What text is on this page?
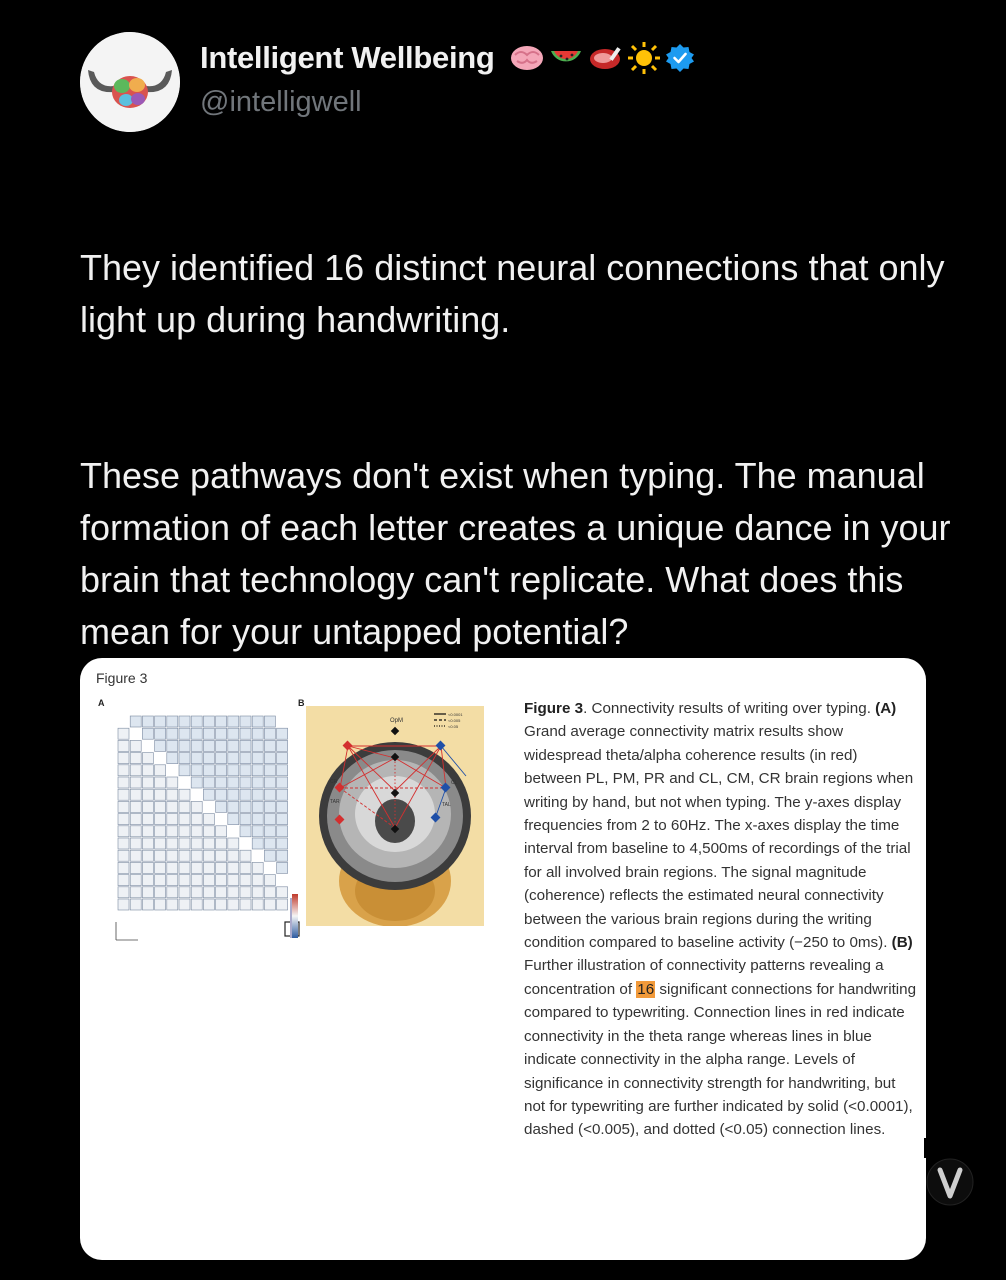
Intelligent Wellbeing
@intelligwell

They identified 16 distinct neural connections that only light up during handwriting.

These pathways don't exist when typing. The manual formation of each letter creates a unique dance in your brain that technology can't replicate. What does this mean for your untapped potential?

Figure 3
A	B
OpM
TAR	TAL
CR	CL
<0.0001
<0.005
<0.05
Figure 3. Connectivity results of writing over typing. (A) Grand average connectivity matrix results show widespread theta/alpha coherence results (in red) between PL, PM, PR and CL, CM, CR brain regions when writing by hand, but not when typing. The y-axes display frequencies from 2 to 60Hz. The x-axes display the time interval from baseline to 4,500ms of recordings of the trial for all involved brain regions. The signal magnitude (coherence) reflects the estimated neural connectivity between the various brain regions during the writing condition compared to baseline activity (−250 to 0ms). (B) Further illustration of connectivity patterns revealing a concentration of 16 significant connections for handwriting compared to typewriting. Connection lines in red indicate connectivity in the theta range whereas lines in blue indicate connectivity in the alpha range. Levels of significance in connectivity strength for handwriting, but not for typewriting are further indicated by solid (<0.0001), dashed (<0.005), and dotted (<0.05) connection lines.
